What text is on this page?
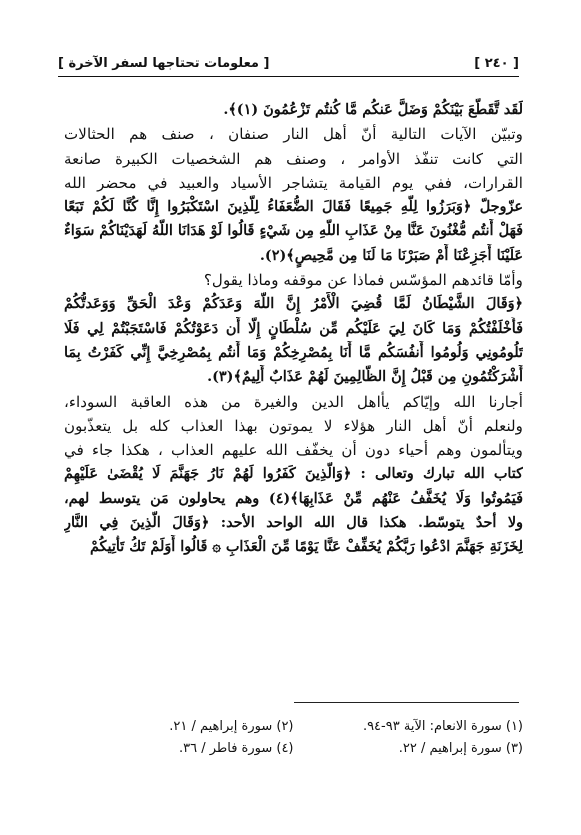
[ ٢٤٠ ]
[ معلومات تحتاجها لسفر الآخرة ]
لَقَد تَّقَطَّعَ بَيْنَكُمْ وَضَلَّ عَنكُم مَّا كُنتُم تَزْعُمُونَ (١)﴾.
وتبيّن الآيات التالية أنّ أهل النار صنفان ، صنف هم الحثالات
التي كانت تنفّذ الأوامر ، وصنف هم الشخصيات الكبيرة صانعة
القرارات، ففي يوم القيامة يتشاجر الأسياد والعبيد في محضر الله
عزّوجلّ ﴿وَبَرَزُوا لِلَّهِ جَمِيعًا فَقَالَ الضُّعَفَاءُ لِلَّذِينَ اسْتَكْبَرُوا إِنَّا كُنَّا لَكُمْ تَبَعًا
فَهَلْ أَنتُم مُّغْنُونَ عَنَّا مِنْ عَذَابِ اللَّهِ مِن شَيْءٍ قَالُوا لَوْ هَدَانَا اللَّهُ لَهَدَيْنَاكُمْ سَوَاءٌ
عَلَيْنَا أَجَزِعْنَا أَمْ صَبَرْنَا مَا لَنَا مِن مَّحِيصٍ﴾(٢).
وأمّا قائدهم المؤسّس فماذا عن موقفه وماذا يقول؟
﴿وَقَالَ الشَّيْطَانُ لَمَّا قُضِيَ الْأَمْرُ إِنَّ اللَّهَ وَعَدَكُمْ وَعْدَ الْحَقِّ وَوَعَدتُّكُمْ
فَأَخْلَفْتُكُمْ وَمَا كَانَ لِيَ عَلَيْكُم مِّن سُلْطَانٍ إِلَّا أَن دَعَوْتُكُمْ فَاسْتَجَبْتُمْ لِي فَلَا
تَلُومُونِي وَلُومُوا أَنفُسَكُم مَّا أَنَا بِمُصْرِخِكُمْ وَمَا أَنتُم بِمُصْرِخِيَّ إِنِّي كَفَرْتُ بِمَا
أَشْرَكْتُمُونِ مِن قَبْلُ إِنَّ الظَّالِمِينَ لَهُمْ عَذَابٌ أَلِيمٌ﴾(٣).
أجارنا الله وإيّاكم يأاهل الدين والغيرة من هذه العاقبة السوداء،
ولنعلم أنّ أهل النار هؤلاء لا يموتون بهذا العذاب كله بل يتعذّبون
ويتألمون وهم أحياء دون أن يخفّف الله عليهم العذاب ، هكذا جاء في
كتاب الله تبارك وتعالى : ﴿وَالَّذِينَ كَفَرُوا لَهُمْ نَارُ جَهَنَّمَ لَا يُقْضَىٰ عَلَيْهِمْ
فَيَمُوتُوا وَلَا يُخَفَّفُ عَنْهُم مِّنْ عَذَابِهَا﴾(٤) وهم يحاولون مَن يتوسط لهم،
ولا أحدٌ يتوسّط. هكذا قال الله الواحد الأحد: ﴿وَقَالَ الَّذِينَ فِي النَّارِ
لِخَزَنَةِ جَهَنَّمَ ادْعُوا رَبَّكُمْ يُخَفِّفْ عَنَّا يَوْمًا مِّنَ الْعَذَابِ ۞ قَالُوا أَوَلَمْ تَكُ تَأْتِيكُمْ
(١) سورة الانعام: الآية ٩٣-٩٤.
(٢) سورة إبراهيم / ٢١.
(٣) سورة إبراهيم / ٢٢.
(٤) سورة فاطر / ٣٦.
